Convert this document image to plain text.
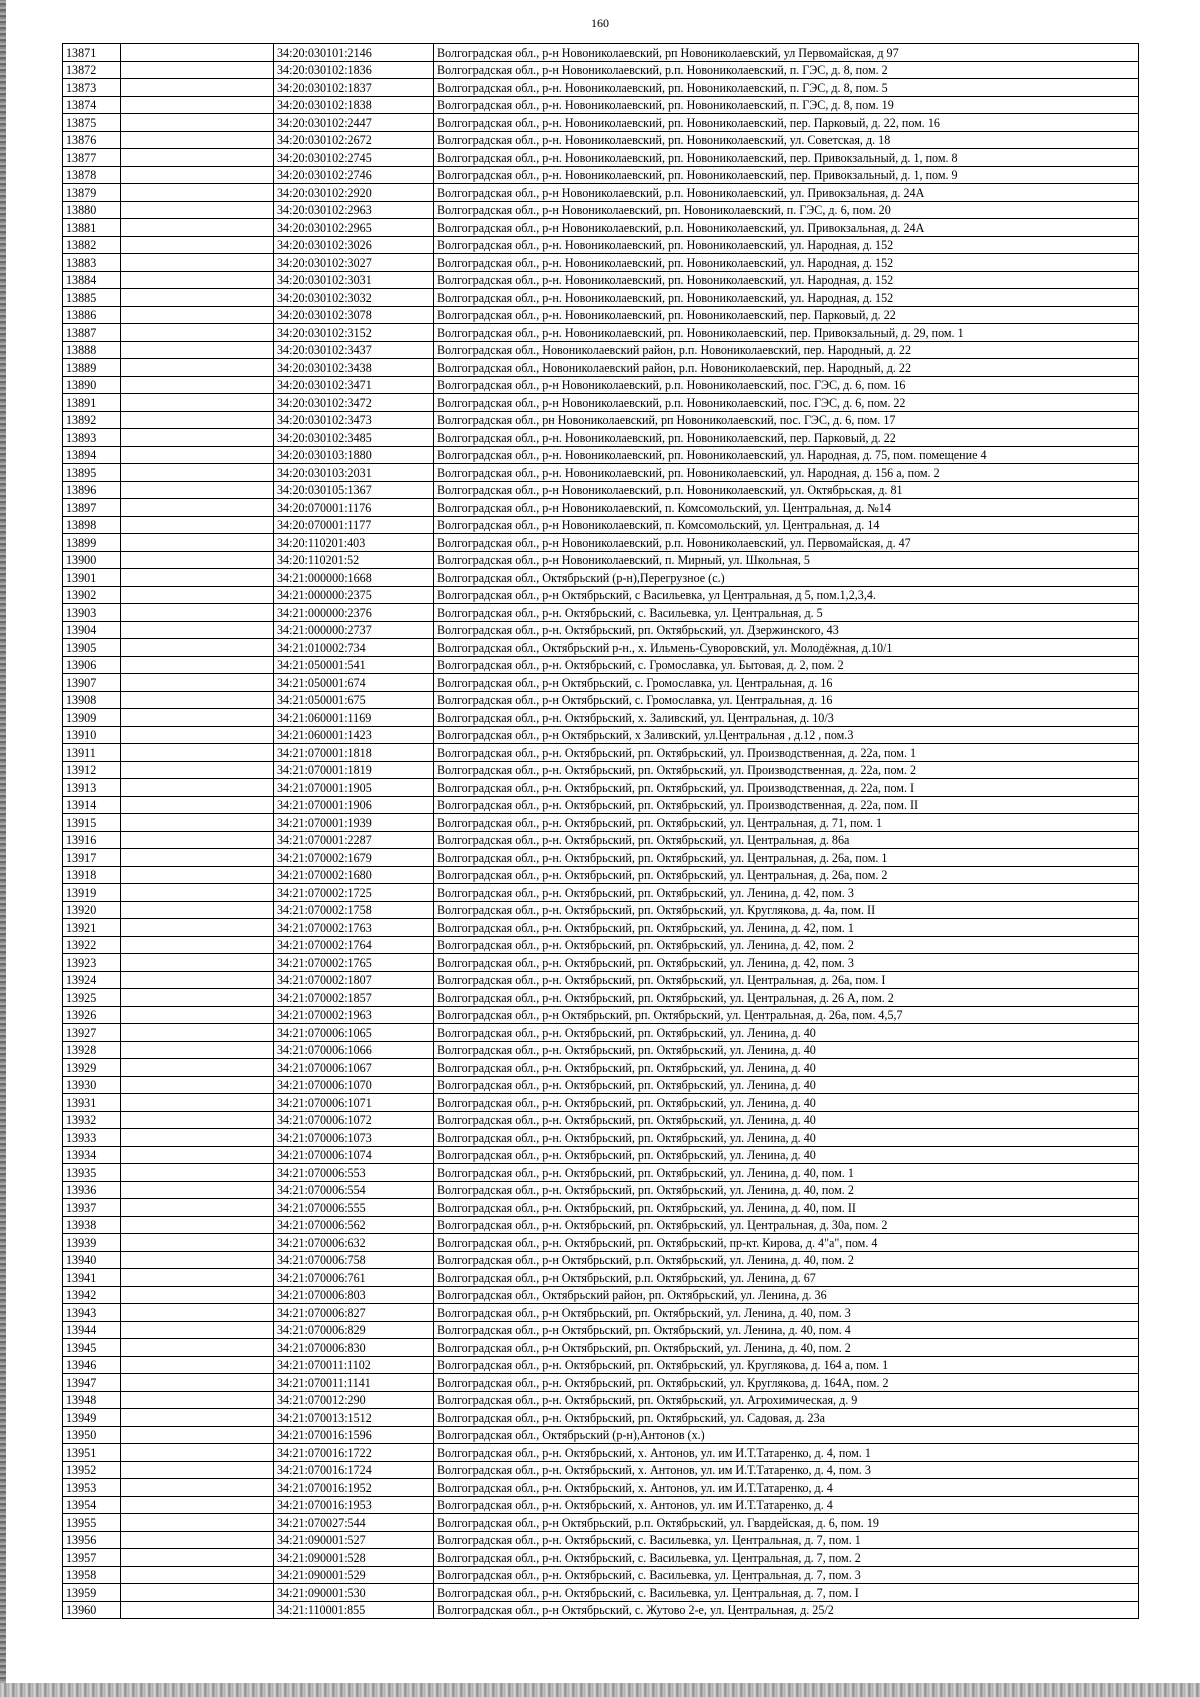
160
13871		34:20:030101:2146	Волгоградская обл., р-н Новониколаевский, рп Новониколаевский, ул Первомайская, д 97
13872		34:20:030102:1836	Волгоградская обл., р-н Новониколаевский, р.п. Новониколаевский, п. ГЭС, д. 8, пом. 2
13873		34:20:030102:1837	Волгоградская обл., р-н. Новониколаевский, рп. Новониколаевский, п. ГЭС, д. 8, пом. 5
13874		34:20:030102:1838	Волгоградская обл., р-н. Новониколаевский, рп. Новониколаевский, п. ГЭС, д. 8, пом. 19
13875		34:20:030102:2447	Волгоградская обл., р-н. Новониколаевский, рп. Новониколаевский, пер. Парковый, д. 22, пом. 16
13876		34:20:030102:2672	Волгоградская обл., р-н. Новониколаевский, рп. Новониколаевский, ул. Советская, д. 18
13877		34:20:030102:2745	Волгоградская обл., р-н. Новониколаевский, рп. Новониколаевский, пер. Привокзальный, д. 1, пом. 8
13878		34:20:030102:2746	Волгоградская обл., р-н. Новониколаевский, рп. Новониколаевский, пер. Привокзальный, д. 1, пом. 9
13879		34:20:030102:2920	Волгоградская обл., р-н Новониколаевский, р.п. Новониколаевский, ул. Привокзальная, д. 24А
13880		34:20:030102:2963	Волгоградская обл., р-н Новониколаевский, рп. Новониколаевский, п. ГЭС, д. 6, пом. 20
13881		34:20:030102:2965	Волгоградская обл., р-н Новониколаевский, р.п. Новониколаевский, ул. Привокзальная, д. 24А
13882		34:20:030102:3026	Волгоградская обл., р-н. Новониколаевский, рп. Новониколаевский, ул. Народная, д. 152
13883		34:20:030102:3027	Волгоградская обл., р-н. Новониколаевский, рп. Новониколаевский, ул. Народная, д. 152
13884		34:20:030102:3031	Волгоградская обл., р-н. Новониколаевский, рп. Новониколаевский, ул. Народная, д. 152
13885		34:20:030102:3032	Волгоградская обл., р-н. Новониколаевский, рп. Новониколаевский, ул. Народная, д. 152
13886		34:20:030102:3078	Волгоградская обл., р-н. Новониколаевский, рп. Новониколаевский, пер. Парковый, д. 22
13887		34:20:030102:3152	Волгоградская обл., р-н. Новониколаевский, рп. Новониколаевский, пер. Привокзальный, д. 29, пом. 1
13888		34:20:030102:3437	Волгоградская обл., Новониколаевский район, р.п. Новониколаевский, пер. Народный, д. 22
13889		34:20:030102:3438	Волгоградская обл., Новониколаевский район, р.п. Новониколаевский, пер. Народный, д. 22
13890		34:20:030102:3471	Волгоградская обл., р-н Новониколаевский, р.п. Новониколаевский, пос. ГЭС, д. 6, пом. 16
13891		34:20:030102:3472	Волгоградская обл., р-н Новониколаевский, р.п. Новониколаевский, пос. ГЭС, д. 6, пом. 22
13892		34:20:030102:3473	Волгоградская обл., рн Новониколаевский, рп Новониколаевский, пос. ГЭС, д. 6, пом. 17
13893		34:20:030102:3485	Волгоградская обл., р-н. Новониколаевский, рп. Новониколаевский, пер. Парковый, д. 22
13894		34:20:030103:1880	Волгоградская обл., р-н. Новониколаевский, рп. Новониколаевский, ул. Народная, д. 75, пом. помещение 4
13895		34:20:030103:2031	Волгоградская обл., р-н. Новониколаевский, рп. Новониколаевский, ул. Народная, д. 156 а, пом. 2
13896		34:20:030105:1367	Волгоградская обл., р-н Новониколаевский, р.п. Новониколаевский, ул. Октябрьская, д. 81
13897		34:20:070001:1176	Волгоградская обл., р-н Новониколаевский, п. Комсомольский, ул. Центральная, д. №14
13898		34:20:070001:1177	Волгоградская обл., р-н Новониколаевский, п. Комсомольский, ул. Центральная, д. 14
13899		34:20:110201:403	Волгоградская обл., р-н Новониколаевский, р.п. Новониколаевский, ул. Первомайская, д. 47
13900		34:20:110201:52	Волгоградская обл., р-н Новониколаевский, п. Мирный, ул. Школьная, 5
13901		34:21:000000:1668	Волгоградская обл., Октябрьский (р-н),Перегрузное (с.)
13902		34:21:000000:2375	Волгоградская обл., р-н Октябрьский, с Васильевка, ул Центральная, д 5, пом.1,2,3,4.
13903		34:21:000000:2376	Волгоградская обл., р-н. Октябрьский, с. Васильевка, ул. Центральная, д. 5
13904		34:21:000000:2737	Волгоградская обл., р-н. Октябрьский, рп. Октябрьский, ул. Дзержинского, 43
13905		34:21:010002:734	Волгоградская обл., Октябрьский р-н., х. Ильмень-Суворовский, ул. Молодёжная, д.10/1
13906		34:21:050001:541	Волгоградская обл., р-н. Октябрьский, с. Громославка, ул. Бытовая, д. 2, пом. 2
13907		34:21:050001:674	Волгоградская обл., р-н Октябрьский, с. Громославка, ул. Центральная, д. 16
13908		34:21:050001:675	Волгоградская обл., р-н Октябрьский, с. Громославка, ул. Центральная, д. 16
13909		34:21:060001:1169	Волгоградская обл., р-н. Октябрьский, х. Заливский, ул. Центральная, д. 10/3
13910		34:21:060001:1423	Волгоградская обл., р-н Октябрьский, х Заливский, ул.Центральная , д.12 , пом.3
13911		34:21:070001:1818	Волгоградская обл., р-н. Октябрьский, рп. Октябрьский, ул. Производственная, д. 22а, пом. 1
13912		34:21:070001:1819	Волгоградская обл., р-н. Октябрьский, рп. Октябрьский, ул. Производственная, д. 22а, пом. 2
13913		34:21:070001:1905	Волгоградская обл., р-н. Октябрьский, рп. Октябрьский, ул. Производственная, д. 22а, пом. I
13914		34:21:070001:1906	Волгоградская обл., р-н. Октябрьский, рп. Октябрьский, ул. Производственная, д. 22а, пом. II
13915		34:21:070001:1939	Волгоградская обл., р-н. Октябрьский, рп. Октябрьский, ул. Центральная, д. 71, пом. 1
13916		34:21:070001:2287	Волгоградская обл., р-н. Октябрьский, рп. Октябрьский, ул. Центральная, д. 86а
13917		34:21:070002:1679	Волгоградская обл., р-н. Октябрьский, рп. Октябрьский, ул. Центральная, д. 26а, пом. 1
13918		34:21:070002:1680	Волгоградская обл., р-н. Октябрьский, рп. Октябрьский, ул. Центральная, д. 26а, пом. 2
13919		34:21:070002:1725	Волгоградская обл., р-н. Октябрьский, рп. Октябрьский, ул. Ленина, д. 42, пом. 3
13920		34:21:070002:1758	Волгоградская обл., р-н. Октябрьский, рп. Октябрьский, ул. Круглякова, д. 4а, пом. II
13921		34:21:070002:1763	Волгоградская обл., р-н. Октябрьский, рп. Октябрьский, ул. Ленина, д. 42, пом. 1
13922		34:21:070002:1764	Волгоградская обл., р-н. Октябрьский, рп. Октябрьский, ул. Ленина, д. 42, пом. 2
13923		34:21:070002:1765	Волгоградская обл., р-н. Октябрьский, рп. Октябрьский, ул. Ленина, д. 42, пом. 3
13924		34:21:070002:1807	Волгоградская обл., р-н. Октябрьский, рп. Октябрьский, ул. Центральная, д. 26а, пом. I
13925		34:21:070002:1857	Волгоградская обл., р-н. Октябрьский, рп. Октябрьский, ул. Центральная, д. 26 А, пом. 2
13926		34:21:070002:1963	Волгоградская обл., р-н Октябрьский, рп. Октябрьский, ул. Центральная, д. 26а, пом. 4,5,7
13927		34:21:070006:1065	Волгоградская обл., р-н. Октябрьский, рп. Октябрьский, ул. Ленина, д. 40
13928		34:21:070006:1066	Волгоградская обл., р-н. Октябрьский, рп. Октябрьский, ул. Ленина, д. 40
13929		34:21:070006:1067	Волгоградская обл., р-н. Октябрьский, рп. Октябрьский, ул. Ленина, д. 40
13930		34:21:070006:1070	Волгоградская обл., р-н. Октябрьский, рп. Октябрьский, ул. Ленина, д. 40
13931		34:21:070006:1071	Волгоградская обл., р-н. Октябрьский, рп. Октябрьский, ул. Ленина, д. 40
13932		34:21:070006:1072	Волгоградская обл., р-н. Октябрьский, рп. Октябрьский, ул. Ленина, д. 40
13933		34:21:070006:1073	Волгоградская обл., р-н. Октябрьский, рп. Октябрьский, ул. Ленина, д. 40
13934		34:21:070006:1074	Волгоградская обл., р-н. Октябрьский, рп. Октябрьский, ул. Ленина, д. 40
13935		34:21:070006:553	Волгоградская обл., р-н. Октябрьский, рп. Октябрьский, ул. Ленина, д. 40, пом. 1
13936		34:21:070006:554	Волгоградская обл., р-н. Октябрьский, рп. Октябрьский, ул. Ленина, д. 40, пом. 2
13937		34:21:070006:555	Волгоградская обл., р-н. Октябрьский, рп. Октябрьский, ул. Ленина, д. 40, пом. II
13938		34:21:070006:562	Волгоградская обл., р-н. Октябрьский, рп. Октябрьский, ул. Центральная, д. 30а, пом. 2
13939		34:21:070006:632	Волгоградская обл., р-н. Октябрьский, рп. Октябрьский, пр-кт. Кирова, д. 4"а", пом. 4
13940		34:21:070006:758	Волгоградская обл., р-н Октябрьский, р.п. Октябрьский, ул. Ленина, д. 40, пом. 2
13941		34:21:070006:761	Волгоградская обл., р-н Октябрьский, р.п. Октябрьский, ул. Ленина, д. 67
13942		34:21:070006:803	Волгоградская обл., Октябрьский район, рп. Октябрьский, ул. Ленина, д. 36
13943		34:21:070006:827	Волгоградская обл., р-н Октябрьский, рп. Октябрьский, ул. Ленина, д. 40, пом. 3
13944		34:21:070006:829	Волгоградская обл., р-н Октябрьский, рп. Октябрьский, ул. Ленина, д. 40, пом. 4
13945		34:21:070006:830	Волгоградская обл., р-н Октябрьский, рп. Октябрьский, ул. Ленина, д. 40, пом. 2
13946		34:21:070011:1102	Волгоградская обл., р-н. Октябрьский, рп. Октябрьский, ул. Круглякова, д. 164 а, пом. 1
13947		34:21:070011:1141	Волгоградская обл., р-н. Октябрьский, рп. Октябрьский, ул. Круглякова, д. 164А, пом. 2
13948		34:21:070012:290	Волгоградская обл., р-н. Октябрьский, рп. Октябрьский, ул. Агрохимическая, д. 9
13949		34:21:070013:1512	Волгоградская обл., р-н. Октябрьский, рп. Октябрьский, ул. Садовая, д. 23а
13950		34:21:070016:1596	Волгоградская обл., Октябрьский (р-н),Антонов (х.)
13951		34:21:070016:1722	Волгоградская обл., р-н. Октябрьский, х. Антонов, ул. им И.Т.Татаренко, д. 4, пом. 1
13952		34:21:070016:1724	Волгоградская обл., р-н. Октябрьский, х. Антонов, ул. им И.Т.Татаренко, д. 4, пом. 3
13953		34:21:070016:1952	Волгоградская обл., р-н. Октябрьский, х. Антонов, ул. им И.Т.Татаренко, д. 4
13954		34:21:070016:1953	Волгоградская обл., р-н. Октябрьский, х. Антонов, ул. им И.Т.Татаренко, д. 4
13955		34:21:070027:544	Волгоградская обл., р-н Октябрьский, р.п. Октябрьский, ул. Гвардейская, д. 6, пом. 19
13956		34:21:090001:527	Волгоградская обл., р-н. Октябрьский, с. Васильевка, ул. Центральная, д. 7, пом. 1
13957		34:21:090001:528	Волгоградская обл., р-н. Октябрьский, с. Васильевка, ул. Центральная, д. 7, пом. 2
13958		34:21:090001:529	Волгоградская обл., р-н. Октябрьский, с. Васильевка, ул. Центральная, д. 7, пом. 3
13959		34:21:090001:530	Волгоградская обл., р-н. Октябрьский, с. Васильевка, ул. Центральная, д. 7, пом. I
13960		34:21:110001:855	Волгоградская обл., р-н Октябрьский, с. Жутово 2-е, ул. Центральная, д. 25/2
